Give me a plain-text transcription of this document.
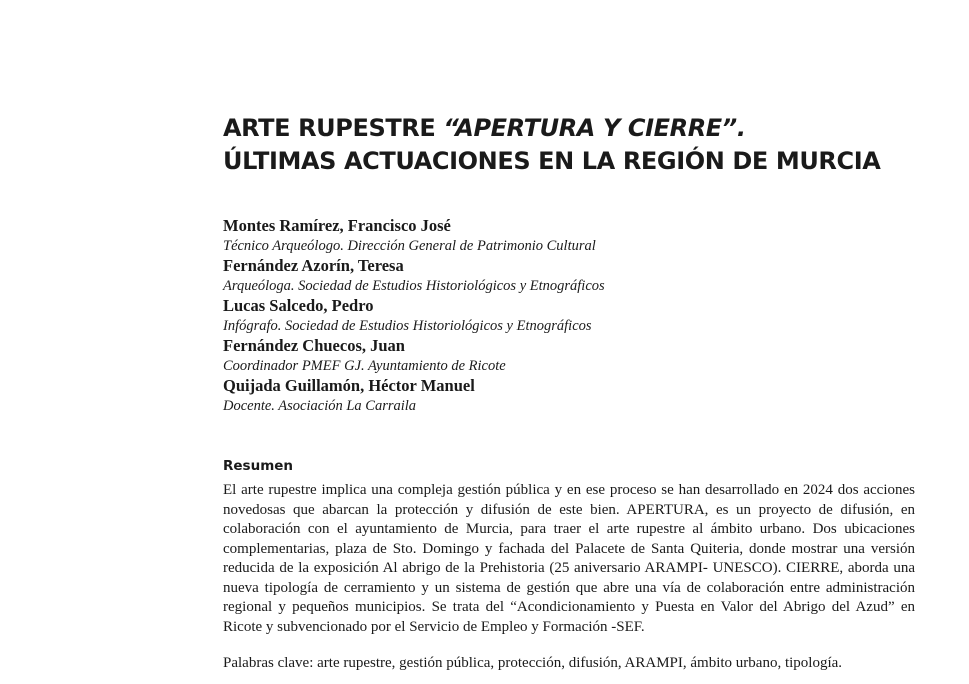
ARTE RUPESTRE “APERTURA Y CIERRE”.
ÚLTIMAS ACTUACIONES EN LA REGIÓN DE MURCIA
Montes Ramírez, Francisco José
Técnico Arqueólogo. Dirección General de Patrimonio Cultural
Fernández Azorín, Teresa
Arqueóloga. Sociedad de Estudios Historiológicos y Etnográficos
Lucas Salcedo, Pedro
Infógrafo. Sociedad de Estudios Historiológicos y Etnográficos
Fernández Chuecos, Juan
Coordinador PMEF GJ. Ayuntamiento de Ricote
Quijada Guillamón, Héctor Manuel
Docente. Asociación La Carraila
Resumen

El arte rupestre implica una compleja gestión pública y en ese proceso se han desarrollado en 2024 dos acciones novedosas que abarcan la protección y difusión de este bien. APERTURA, es un proyecto de difusión, en colaboración con el ayuntamiento de Murcia, para traer el arte rupestre al ámbito urbano. Dos ubicaciones complementarias, plaza de Sto. Domingo y fachada del Palacete de Santa Quiteria, donde mostrar una versión reducida de la exposición Al abrigo de la Prehistoria (25 aniversario ARAMPI- UNESCO). CIERRE, aborda una nueva tipología de cerramiento y un sistema de gestión que abre una vía de colaboración entre administración regional y pequeños municipios. Se trata del “Acondicionamiento y Puesta en Valor del Abrigo del Azud” en Ricote y subvencionado por el Servicio de Empleo y Formación -SEF.

Palabras clave: arte rupestre, gestión pública, protección, difusión, ARAMPI, ámbito urbano, tipología.
